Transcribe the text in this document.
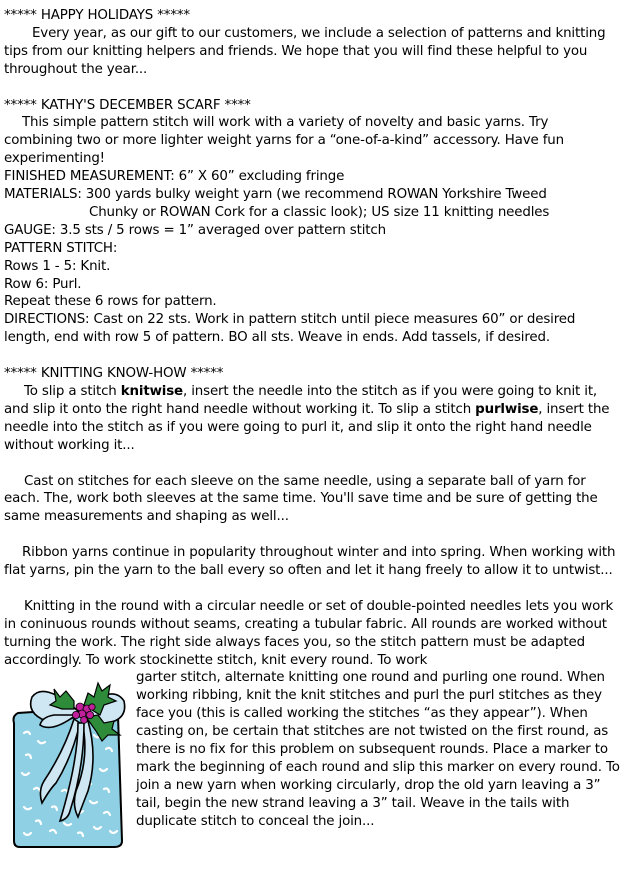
***** HAPPY HOLIDAYS *****

Every year, as our gift to our customers, we include a selection of patterns and knitting tips from our knitting helpers and friends. We hope that you will find these helpful to you throughout the year...

***** KATHY'S DECEMBER SCARF ****

This simple pattern stitch will work with a variety of novelty and basic yarns. Try combining two or more lighter weight yarns for a “one-of-a-kind” accessory. Have fun experimenting!

FINISHED MEASUREMENT: 6” X 60” excluding fringe

MATERIALS: 300 yards bulky weight yarn (we recommend ROWAN Yorkshire Tweed

Chunky or ROWAN Cork for a classic look); US size 11 knitting needles

GAUGE: 3.5 sts / 5 rows = 1” averaged over pattern stitch

PATTERN STITCH:

Rows 1 - 5: Knit.

Row 6: Purl.

Repeat these 6 rows for pattern.

DIRECTIONS: Cast on 22 sts. Work in pattern stitch until piece measures 60” or desired length, end with row 5 of pattern. BO all sts. Weave in ends. Add tassels, if desired.

***** KNITTING KNOW-HOW *****

To slip a stitch knitwise, insert the needle into the stitch as if you were going to knit it, and slip it onto the right hand needle without working it. To slip a stitch purlwise, insert the needle into the stitch as if you were going to purl it, and slip it onto the right hand needle without working it...

Cast on stitches for each sleeve on the same needle, using a separate ball of yarn for each. The, work both sleeves at the same time. You'll save time and be sure of getting the same measurements and shaping as well...

Ribbon yarns continue in popularity throughout winter and into spring. When working with flat yarns, pin the yarn to the ball every so often and let it hang freely to allow it to untwist...

Knitting in the round with a circular needle or set of double-pointed needles lets you work in coninuous rounds without seams, creating a tubular fabric. All rounds are worked without turning the work. The right side always faces you, so the stitch pattern must be adapted accordingly. To work stockinette stitch, knit every round. To work

garter stitch, alternate knitting one round and purling one round. When working ribbing, knit the knit stitches and purl the purl stitches as they face you (this is called working the stitches “as they appear”). When casting on, be certain that stitches are not twisted on the first round, as there is no fix for this problem on subsequent rounds. Place a marker to mark the beginning of each round and slip this marker on every round. To join a new yarn when working circularly, drop the old yarn leaving a 3” tail, begin the new strand leaving a 3” tail. Weave in the tails with duplicate stitch to conceal the join...
